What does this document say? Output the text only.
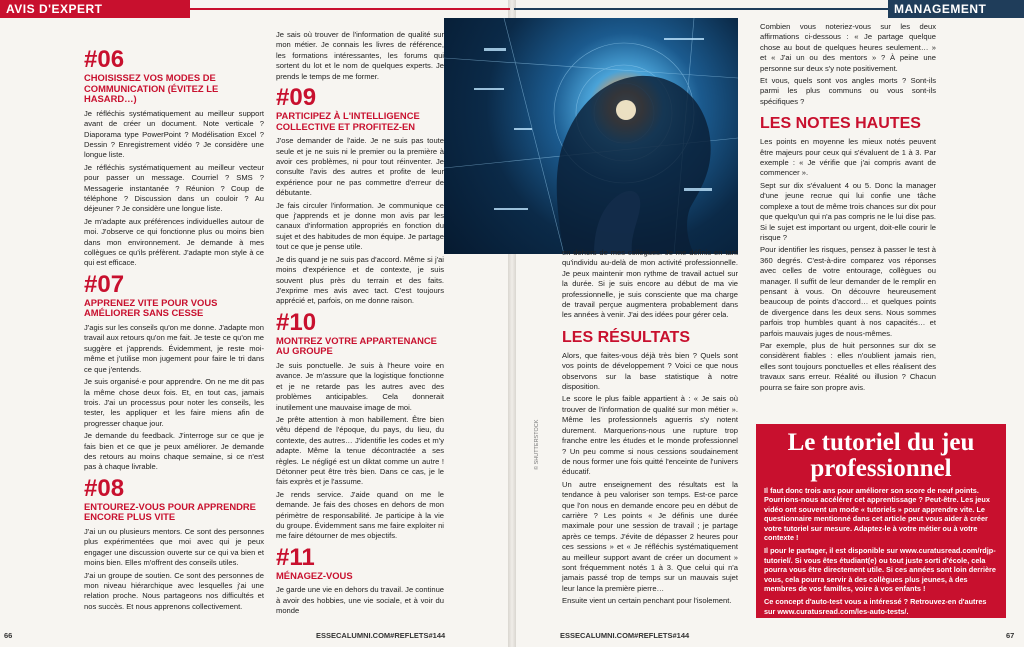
AVIS D'EXPERT	MANAGEMENT
#06
CHOISISSEZ VOS MODES DE COMMUNICATION (ÉVITEZ LE HASARD…)

Je réfléchis systématiquement au meilleur support avant de créer un document. Note verticale ? Diaporama type PowerPoint ? Modélisation Excel ? Dessin ? Enregistrement vidéo ? Je considère une longue liste.

Je réfléchis systématiquement au meilleur vecteur pour passer un message. Courriel ? SMS ? Messagerie instantanée ? Réunion ? Coup de téléphone ? Discussion dans un couloir ? Au déjeuner ? Je considère une longue liste.

Je m'adapte aux préférences individuelles autour de moi. J'observe ce qui fonctionne plus ou moins bien dans mon environnement. Je demande à mes collègues ce qu'ils préfèrent. J'adapte mon style à ce qui est efficace.

#07
APPRENEZ VITE POUR VOUS AMÉLIORER SANS CESSE

J'agis sur les conseils qu'on me donne. J'adapte mon travail aux retours qu'on me fait. Je teste ce qu'on me suggère et j'apprends. Évidemment, je reste moi-même et j'utilise mon jugement pour faire le tri dans ce que j'entends.

Je suis organisé·e pour apprendre. On ne me dit pas la même chose deux fois. Et, en tout cas, jamais trois. J'ai un processus pour noter les conseils, les tester, les appliquer et les faire miens afin de progresser chaque jour.

Je demande du feedback. J'interroge sur ce que je fais bien et ce que je peux améliorer. Je demande des retours au moins chaque semaine, si ce n'est pas à chaque livrable.

#08
ENTOUREZ-VOUS POUR APPRENDRE ENCORE PLUS VITE

J'ai un ou plusieurs mentors. Ce sont des personnes plus expérimentées que moi avec qui je peux engager une discussion ouverte sur ce qui va bien et moins bien. Elles m'offrent des conseils utiles.

J'ai un groupe de soutien. Ce sont des personnes de mon niveau hiérarchique avec lesquelles j'ai une relation proche. Nous partageons nos difficultés et nos succès. Et nous apprenons collectivement.

Je sais où trouver de l'information de qualité sur mon métier. Je connais les livres de référence, les formations intéressantes, les forums qui sortent du lot et le nom de quelques experts. Je prends le temps de me former.

#09
PARTICIPEZ À L'INTELLIGENCE COLLECTIVE ET PROFITEZ-EN

J'ose demander de l'aide. Je ne suis pas toute seule et je ne suis ni le premier ou la première à avoir ces problèmes, ni pour tout réinventer. Je consulte l'avis des autres et profite de leur expérience pour ne pas commettre d'erreur de débutante.

Je fais circuler l'information. Je communique ce que j'apprends et je donne mon avis par les canaux d'information appropriés en fonction du sujet et des habitudes de mon équipe. Je partage tout ce que je pense utile.

Je dis quand je ne suis pas d'accord. Même si j'ai moins d'expérience et de contexte, je suis souvent plus près du terrain et des faits. J'exprime mes avis avec tact. C'est toujours apprécié et, parfois, on me donne raison.

#10
MONTREZ VOTRE APPARTENANCE AU GROUPE

Je suis ponctuelle. Je suis à l'heure voire en avance. Je m'assure que la logistique fonctionne et je ne retarde pas les autres avec des problèmes anticipables. Cela donnerait inutilement une mauvaise image de moi.

Je prête attention à mon habillement. Être bien vêtu dépend de l'époque, du pays, du lieu, du contexte, des autres… J'identifie les codes et m'y adapte. Même la tenue décontractée a ses règles. Le négligé est un diktat comme un autre ! Détonner peut être très bien. Dans ce cas, je le fais exprès et je l'assume.

Je rends service. J'aide quand on me le demande. Je fais des choses en dehors de mon périmètre de responsabilité. Je participe à la vie du groupe. Évidemment sans me faire exploiter ni me faire détourner de mes objectifs.

#11
MÉNAGEZ-VOUS

Je garde une vie en dehors du travail. Je continue à avoir des hobbies, une vie sociale, et à voir du monde

en dehors de mes collègues. Je me définis en tant qu'individu au-delà de mon activité professionnelle. Je peux maintenir mon rythme de travail actuel sur la durée. Si je suis encore au début de ma vie professionnelle, je suis consciente que ma charge de travail perçue augmentera probablement dans les années à venir. J'ai des idées pour gérer cela.

LES RÉSULTATS

Alors, que faites-vous déjà très bien ? Quels sont vos points de développement ? Voici ce que nous observons sur la base statistique à notre disposition.

Le score le plus faible appartient à : « Je sais où trouver de l'information de qualité sur mon métier ». Même les professionnels aguerris s'y notent durement. Marquerions-nous une rupture trop franche entre les études et le monde professionnel ? Un peu comme si nous cessions soudainement de nous former une fois quitté l'enceinte de l'univers éducatif.

Un autre enseignement des résultats est la tendance à peu valoriser son temps. Est-ce parce que l'on nous en demande encore peu en début de carrière ? Les points « Je définis une durée maximale pour une session de travail ; je partage après ce temps. J'évite de dépasser 2 heures pour ces sessions » et « Je réfléchis systématiquement au meilleur support avant de créer un document » sont fréquemment notés 1 à 3. Que celui qui n'a jamais passé trop de temps sur un mauvais sujet leur lance la première pierre…

Ensuite vient un certain penchant pour l'isolement.

© SHUTTERSTOCK

Combien vous noteriez-vous sur les deux affirmations ci-dessous : « Je partage quelque chose au bout de quelques heures seulement… » et « J'ai un ou des mentors » ? À peine une personne sur deux s'y note positivement.

Et vous, quels sont vos angles morts ? Sont-ils parmi les plus communs ou vous sont-ils spécifiques ?

LES NOTES HAUTES

Les points en moyenne les mieux notés peuvent être majeurs pour ceux qui s'évaluent de 1 à 3. Par exemple : « Je vérifie que j'ai compris avant de commencer ».

Sept sur dix s'évaluent 4 ou 5. Donc la manager d'une jeune recrue qui lui confie une tâche complexe a tout de même trois chances sur dix pour que quelqu'un qui n'a pas compris ne le lui dise pas. Si le sujet est important ou urgent, doit-elle courir le risque ?

Pour identifier les risques, pensez à passer le test à 360 degrés. C'est-à-dire comparez vos réponses avec celles de votre entourage, collègues ou manager. Il suffit de leur demander de le remplir en pensant à vous. On découvre heureusement beaucoup de points d'accord… et quelques points de divergence dans les deux sens. Nous sommes parfois trop humbles quant à nos capacités… et parfois mauvais juges de nous-mêmes.

Par exemple, plus de huit personnes sur dix se considèrent fiables : elles n'oublient jamais rien, elles sont toujours ponctuelles et elles réalisent des travaux sans erreur. Réalité ou illusion ? Chacun pourra se faire son propre avis.

Le tutoriel du jeu professionnel
Il faut donc trois ans pour améliorer son score de neuf points. Pourrions-nous accélérer cet apprentissage ? Peut-être. Les jeux vidéo ont souvent un mode « tutoriels » pour apprendre vite. Le questionnaire mentionné dans cet article peut vous aider à créer votre tutoriel sur mesure. Adaptez-le à votre métier ou à votre contexte !
Il pour le partager, il est disponible sur www.curatusread.com/rdjp-tutoriel/. Si vous êtes étudiant(e) ou tout juste sorti d'école, cela pourra vous être directement utile. Si ces années sont loin derrière vous, cela pourra servir à des collègues plus jeunes, à des membres de vos familles, voire à vos enfants !
Ce concept d'auto-test vous a intéressé ? Retrouvez-en d'autres sur www.curatusread.com/les-auto-tests/.
66	ESSECALUMNI.COM#REFLETS#144	ESSECALUMNI.COM#REFLETS#144	67
